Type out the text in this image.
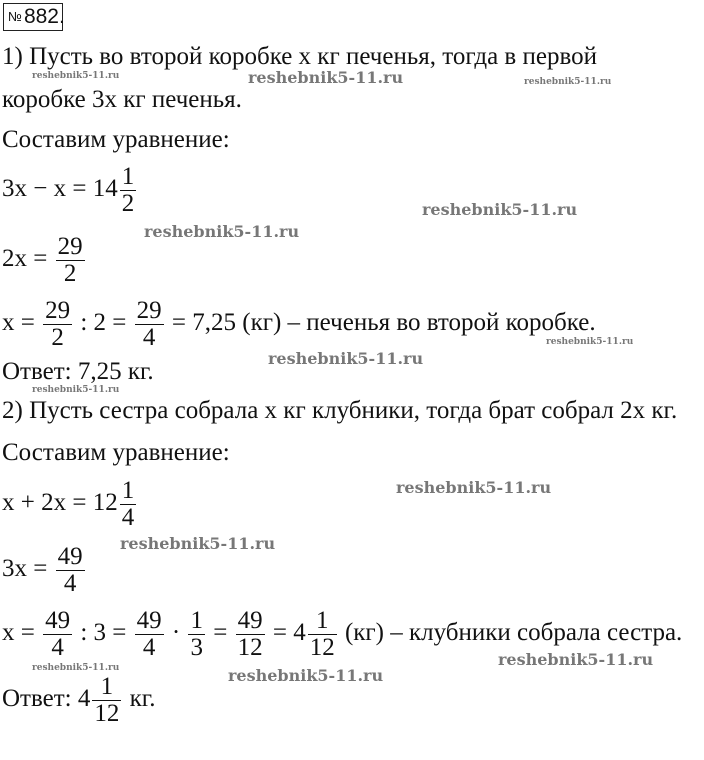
№882.
1) Пусть во второй коробке x кг печенья, тогда в первой
коробке 3x кг печенья.
Составим уравнение:
$3x - x = 14 \frac{1}{2}$
$2x = \frac{29}{2}$
$x = \frac{29}{2}$ : $2 = \frac{29}{4} = 7,25$ (кг) – печенья во второй коробке.
Ответ: 7,25 кг.
2) Пусть сестра собрала x кг клубники, тогда брат собрал 2x кг.
Составим уравнение:
$x + 2x = 12 \frac{1}{4}$
$3x = \frac{49}{4}$
$x = \frac{49}{4}$ : $3 = \frac{49}{4} \cdot \frac{1}{3} = \frac{49}{12} = 4 \frac{1}{12} (кг)$ – клубники собрала сестра.
Ответ: $4 \frac{1}{12}$ кг.
reshebnik5-11.ru	reshebnik5-11.ru	reshebnik5-11.ru
reshebnik5-11.ru
reshebnik5-11.ru
reshebnik5-11.ru
reshebnik5-11.ru
reshebnik5-11.ru
reshebnik5-11.ru
reshebnik5-11.ru
reshebnik5-11.ru
reshebnik5-11.ru	reshebnik5-11.ru
